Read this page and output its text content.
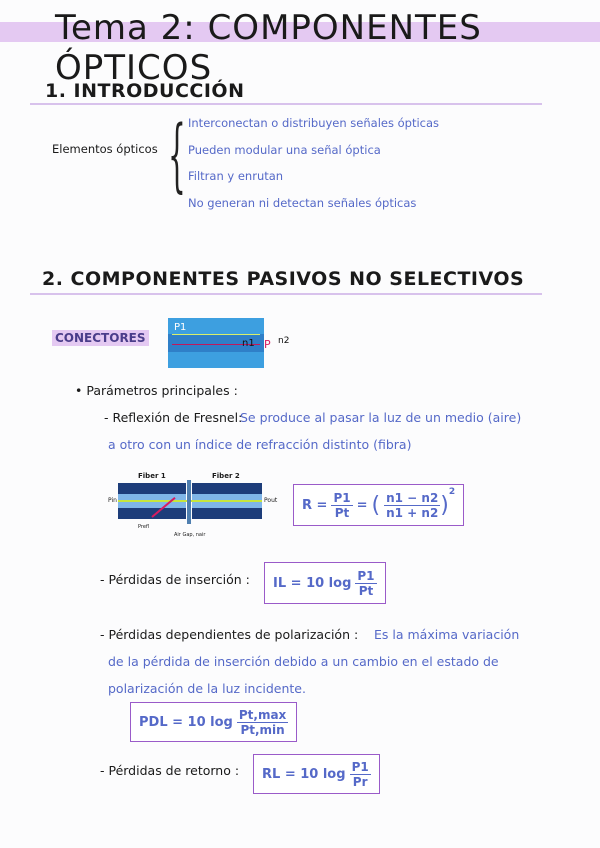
Tema 2: COMPONENTES ÓPTICOS
1. INTRODUCCIÓN
Elementos ópticos { Interconectan o distribuyen señales ópticas
Pueden modular una señal óptica
Filtran y enrutan
No generan ni detectan señales ópticas
2. COMPONENTES PASIVOS NO SELECTIVOS
CONECTORES
P1
n1 P n2
• Parámetros principales :
- Reflexión de Fresnel:
Se produce al pasar la luz de un medio (aire)
a otro con un índice de refracción distinto (fibra)
Fiber 1	Fiber 2
Pin	Pout
Prefl
Air Gap, nair
$R = \frac{P1}{Pt}$ = ( $\frac{n1 - n2}{n1 + n2}$ )
$^2$
- Pérdidas de inserción : IL = 10 $\log \frac{P1}{Pt}$
- Pérdidas dependientes de polarización : Es la máxima variación
de la pérdida de inserción debido a un cambio en el estado de
polarización de la luz incidente.
PDL = 10 $\log \frac{Pt,\max}{Pt,\min}$
- Pérdidas de retorno : RL = 10 $\log \frac{P1}{Pr}$
